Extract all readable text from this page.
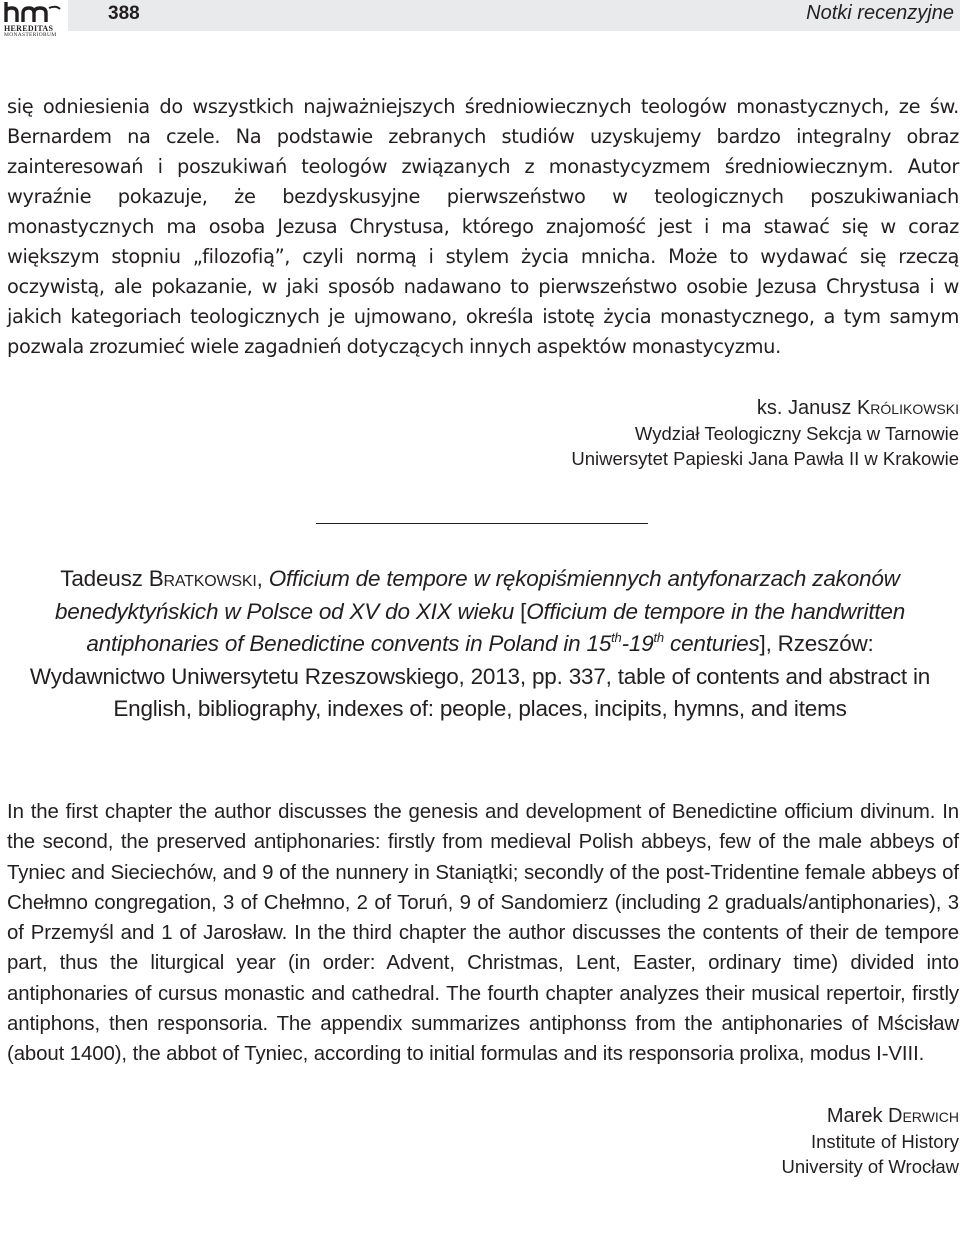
HEREDITAS
MONASTERIORUM
388	Notki recenzyjne

się odniesienia do wszystkich najważniejszych średniowiecznych teologów monastycznych, ze św. Bernardem na czele. Na podstawie zebranych studiów uzyskujemy bardzo integralny obraz zainteresowań i poszukiwań teologów związanych z monastycyzmem średniowiecznym. Autor wyraźnie pokazuje, że bezdyskusyjne pierwszeństwo w teologicznych poszukiwaniach monastycznych ma osoba Jezusa Chrystusa, którego znajomość jest i ma stawać się w coraz większym stopniu „filozofią”, czyli normą i stylem życia mnicha. Może to wydawać się rzeczą oczywistą, ale pokazanie, w jaki sposób nadawano to pierwszeństwo osobie Jezusa Chrystusa i w jakich kategoriach teologicznych je ujmowano, określa istotę życia monastycznego, a tym samym pozwala zrozumieć wiele zagadnień dotyczących innych aspektów monastycyzmu.

ks. Janusz Królikowski
Wydział Teologiczny Sekcja w Tarnowie
Uniwersytet Papieski Jana Pawła II w Krakowie
Tadeusz Bratkowski, Officium de tempore w rękopiśmiennych antyfonarzach zakonów benedyktyńskich w Polsce od XV do XIX wieku [Officium de tempore in the handwritten antiphonaries of Benedictine convents in Poland in 15th-19th centuries], Rzeszów: Wydawnictwo Uniwersytetu Rzeszowskiego, 2013, pp. 337, table of contents and abstract in English, bibliography, indexes of: people, places, incipits, hymns, and items

In the first chapter the author discusses the genesis and development of Benedictine officium divinum. In the second, the preserved antiphonaries: firstly from medieval Polish abbeys, few of the male abbeys of Tyniec and Sieciechów, and 9 of the nunnery in Staniątki; secondly of the post-Tridentine female abbeys of Chełmno congregation, 3 of Chełmno, 2 of Toruń, 9 of Sandomierz (including 2 graduals/antiphonaries), 3 of Przemyśl and 1 of Jarosław. In the third chapter the author discusses the contents of their de tempore part, thus the liturgical year (in order: Advent, Christmas, Lent, Easter, ordinary time) divided into antiphonaries of cursus monastic and cathedral. The fourth chapter analyzes their musical repertoir, firstly antiphons, then responsoria. The appendix summarizes antiphonss from the antiphonaries of Mścisław (about 1400), the abbot of Tyniec, according to initial formulas and its responsoria prolixa, modus I-VIII.

Marek Derwich
Institute of History
University of Wrocław
